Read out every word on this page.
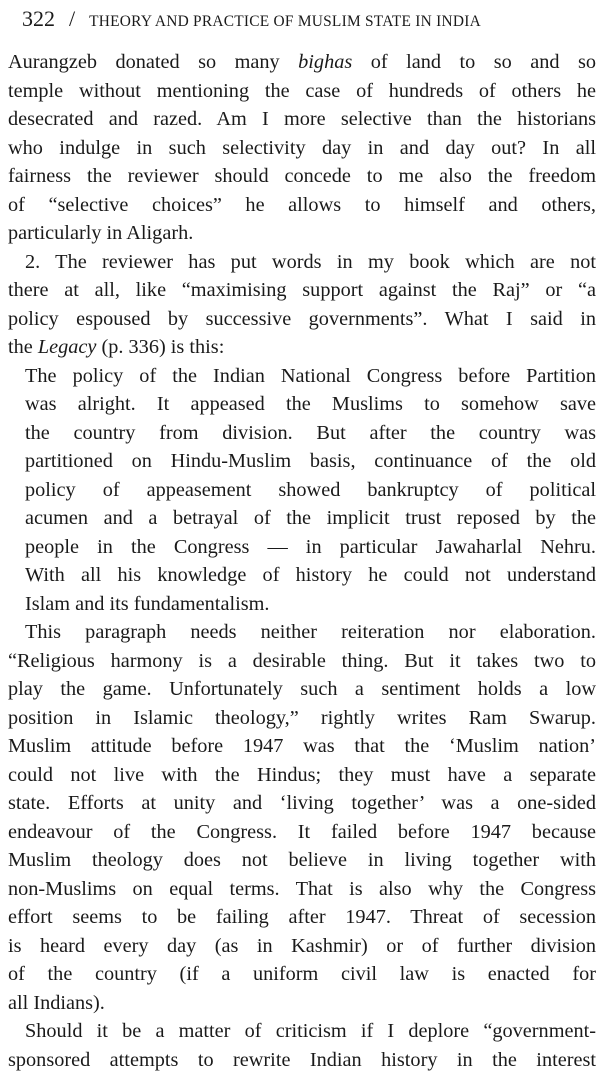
322 / THEORY AND PRACTICE OF MUSLIM STATE IN INDIA
Aurangzeb donated so many bighas of land to so and so
temple without mentioning the case of hundreds of others he
desecrated and razed. Am I more selective than the historians
who indulge in such selectivity day in and day out? In all
fairness the reviewer should concede to me also the freedom
of “selective choices” he allows to himself and others,
particularly in Aligarh.
2. The reviewer has put words in my book which are not
there at all, like “maximising support against the Raj” or “a
policy espoused by successive governments”. What I said in
the Legacy (p. 336) is this:
The policy of the Indian National Congress before Partition
was alright. It appeased the Muslims to somehow save
the country from division. But after the country was
partitioned on Hindu-Muslim basis, continuance of the old
policy of appeasement showed bankruptcy of political
acumen and a betrayal of the implicit trust reposed by the
people in the Congress — in particular Jawaharlal Nehru.
With all his knowledge of history he could not understand
Islam and its fundamentalism.
This paragraph needs neither reiteration nor elaboration.
“Religious harmony is a desirable thing. But it takes two to
play the game. Unfortunately such a sentiment holds a low
position in Islamic theology,” rightly writes Ram Swarup.
Muslim attitude before 1947 was that the ‘Muslim nation’
could not live with the Hindus; they must have a separate
state. Efforts at unity and ‘living together’ was a one-sided
endeavour of the Congress. It failed before 1947 because
Muslim theology does not believe in living together with
non-Muslims on equal terms. That is also why the Congress
effort seems to be failing after 1947. Threat of secession
is heard every day (as in Kashmir) or of further division
of the country (if a uniform civil law is enacted for
all Indians).
Should it be a matter of criticism if I deplore “government-
sponsored attempts to rewrite Indian history in the interest
